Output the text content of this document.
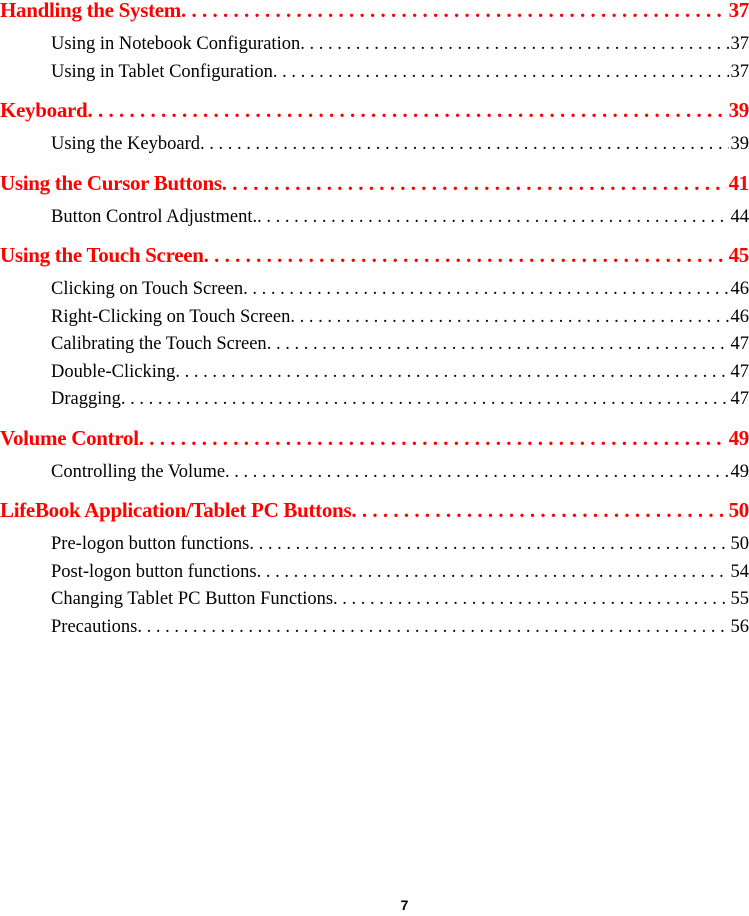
Handling the System . . .	37
Using in Notebook Configuration . . .	37
Using in Tablet Configuration . . .	37
Keyboard . . .	39
Using the Keyboard . . .	39
Using the Cursor Buttons . . .	41
Button Control Adjustment. . . .	44
Using the Touch Screen . . .	45
Clicking on Touch Screen . . .	46
Right-Clicking on Touch Screen . . .	46
Calibrating the Touch Screen . . .	47
Double-Clicking . . .	47
Dragging . . .	47
Volume Control . . .	49
Controlling the Volume . . .	49
LifeBook Application/Tablet PC Buttons . . .	50
Pre-logon button functions . . .	50
Post-logon button functions . . .	54
Changing Tablet PC Button Functions . . .	55
Precautions . . .	56
7
